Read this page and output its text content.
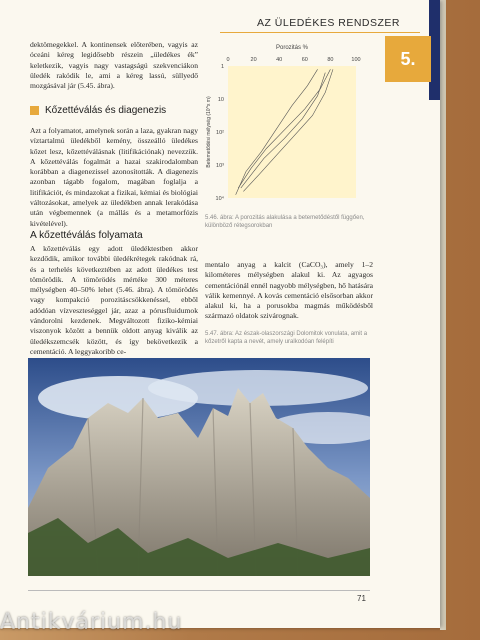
AZ ÜLEDÉKES RENDSZER
5.

dektömegekkel. A kontinensek előterében, vagyis az óceáni kéreg legidősebb részein „üledékes ék” keletkezik, vagyis nagy vastagságú szekvenciákon üledék rakódik le, ami a kéreg lassú, süllyedő mozgásával jár (5.45. ábra).

Kőzettéválás és diagenezis

Azt a folyamatot, amelynek során a laza, gyakran nagy víztartalmú üledékből kemény, összeálló üledékes kőzet lesz, kőzettéválásnak (litifikációnak) nevezzük. A kőzettéválás fogalmát a hazai szakirodalomban korábban a diagenezissel azonosították. A diagenezis azonban tágabb fogalom, magában foglalja a litifikációt, és mindazokat a fizikai, kémiai és biológiai változásokat, amelyek az üledékben annak lerakódása után végbemennek (a mállás és a metamorfózis kivételével).

A kőzettéválás folyamata

A kőzettéválás egy adott üledéktestben akkor kezdődik, amikor további üledékrétegek rakódnak rá, és a terhelés következtében az adott üledékes test tömörödik. A tömörödés mértéke 300 méteres mélységben 40–50% lehet (5.46. ábra). A tömörödés vagy kompakció porozitáscsökkenéssel, ebből adódóan vízveszteséggel jár, azaz a pórusfluidumok vándorolni kezdenek. Megváltozott fiziko-kémiai viszonyok között a bennük oldott anyag kiválik az üledékszemcsék között, és így bekövetkezik a cementáció. A leggyakoribb ce-

Porozitás %
0	20	40	60	80	100
1
10
10²
10³
10⁴
Betemetődési mélység (10^x m)
5.46. ábra: A porozitás alakulása a betemetődéstől függően, különböző rétegsorokban

mentalo anyag a kalcit (CaCO₃), amely 1–2 kilométeres mélységben alakul ki. Az agyagos cementációnál ennél nagyobb mélységben, hő hatására válik kemennyé. A kovás cementáció elsősorban akkor alakul ki, ha a porusokba magmás működésből származó oldatok szivárognak.

5.47. ábra: Az észak-olaszországi Dolomitok vonulata, amit a kőzetről kapta a nevét, amely uralkodóan felépíti
71
Antikvárium.hu
